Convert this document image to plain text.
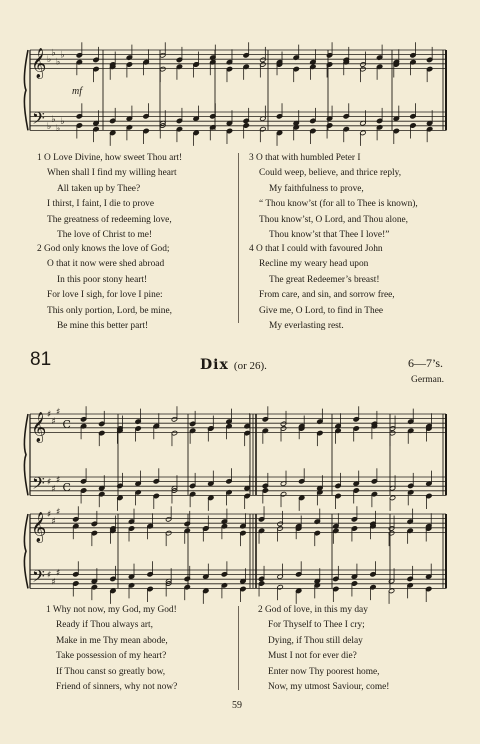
𝄞
𝄢
♭
♭
♭
♭
♭
♭
♭
♭
𝄞
𝄢
♯
♯
♯
♯
♯
♯
C
C
𝄞
𝄢
♯
♯
♯
♯
♯
♯
mf
1 O Love Divine, how sweet Thou art!
When shall I find my willing heart
All taken up by Thee?
I thirst, I faint, I die to prove
The greatness of redeeming love,
The love of Christ to me!
2 God only knows the love of God;
O that it now were shed abroad
In this poor stony heart!
For love I sigh, for love I pine:
This only portion, Lord, be mine,
Be mine this better part!
3 O that with humbled Peter I
Could weep, believe, and thrice reply,
My faithfulness to prove,
“ Thou know’st (for all to Thee is known),
Thou know’st, O Lord, and Thou alone,
Thou know’st that Thee I love!”
4 O that I could with favoured John
Recline my weary head upon
The great Redeemer’s breast!
From care, and sin, and sorrow free,
Give me, O Lord, to find in Thee
My everlasting rest.
81	Dix (or 26).	6—7’s.
German.
1 Why not now, my God, my God!
Ready if Thou always art,
Make in me Thy mean abode,
Take possession of my heart?
If Thou canst so greatly bow,
Friend of sinners, why not now?
2 God of love, in this my day
For Thyself to Thee I cry;
Dying, if Thou still delay
Must I not for ever die?
Enter now Thy poorest home,
Now, my utmost Saviour, come!
59
